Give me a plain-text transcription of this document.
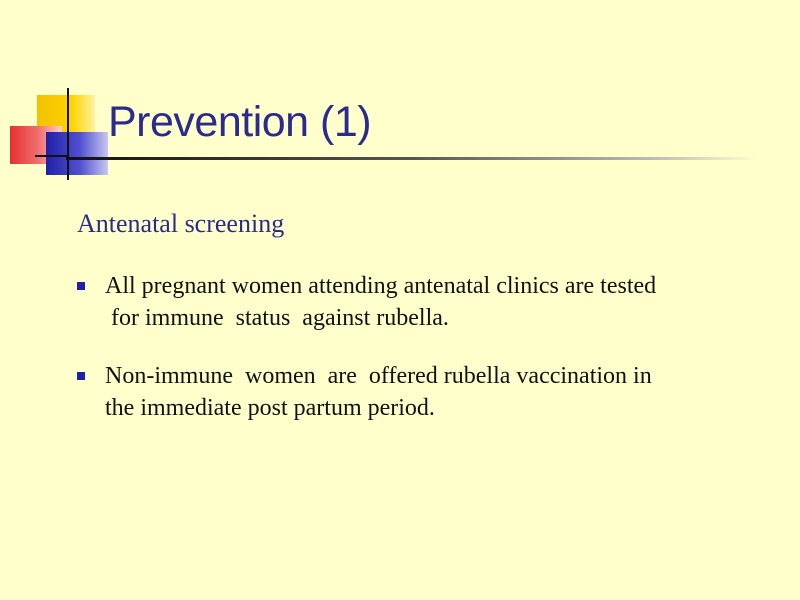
Prevention (1)
Antenatal screening
All pregnant women attending antenatal clinics are tested
for immune  status  against rubella.
Non-immune  women  are  offered rubella vaccination in
the immediate post partum period.
